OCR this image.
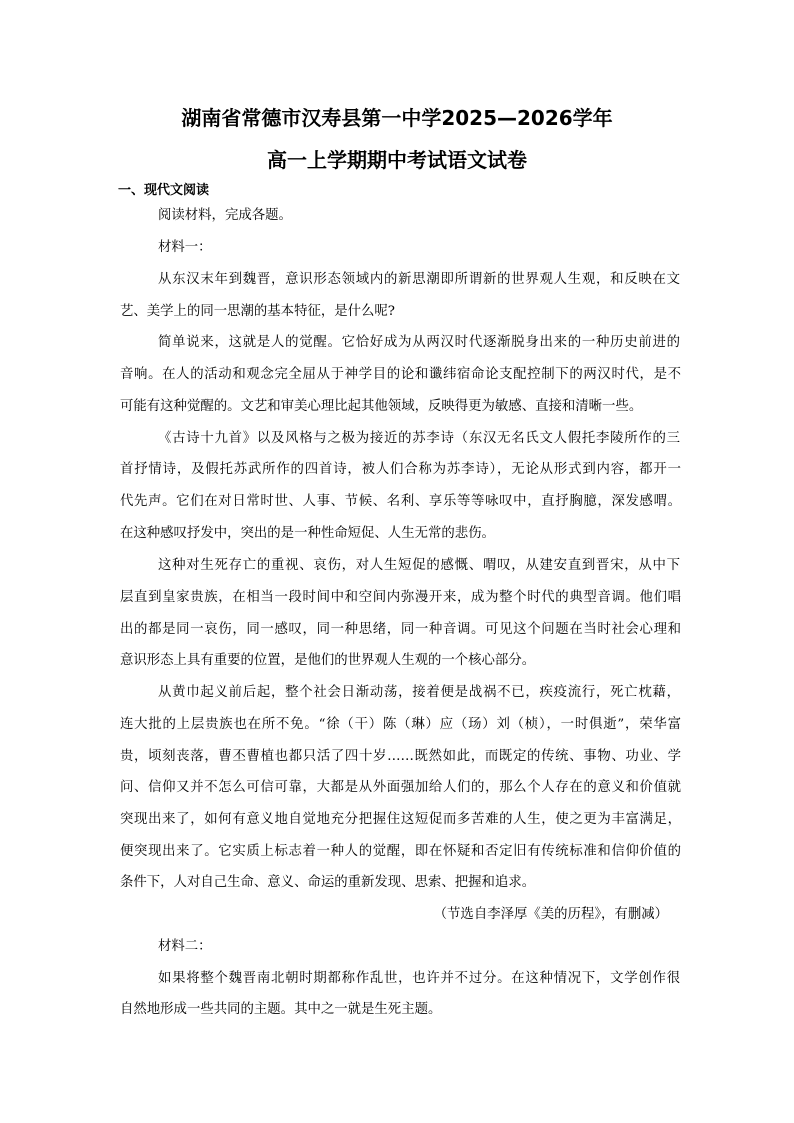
湖南省常德市汉寿县第一中学2025—2026学年
高一上学期期中考试语文试卷
一、现代文阅读
阅读材料，完成各题。
材料一：
从东汉末年到魏晋，意识形态领域内的新思潮即所谓新的世界观人生观，和反映在文
艺、美学上的同一思潮的基本特征，是什么呢?
简单说来，这就是人的觉醒。它恰好成为从两汉时代逐渐脱身出来的一种历史前进的
音响。在人的活动和观念完全屈从于神学目的论和谶纬宿命论支配控制下的两汉时代，是不
可能有这种觉醒的。文艺和审美心理比起其他领域，反映得更为敏感、直接和清晰一些。
《古诗十九首》以及风格与之极为接近的苏李诗（东汉无名氏文人假托李陵所作的三
首抒情诗，及假托苏武所作的四首诗，被人们合称为苏李诗），无论从形式到内容，都开一
代先声。它们在对日常时世、人事、节候、名利、享乐等等咏叹中，直抒胸臆，深发感喟。
在这种感叹抒发中，突出的是一种性命短促、人生无常的悲伤。
这种对生死存亡的重视、哀伤，对人生短促的感慨、喟叹，从建安直到晋宋，从中下
层直到皇家贵族，在相当一段时间中和空间内弥漫开来，成为整个时代的典型音调。他们唱
出的都是同一哀伤，同一感叹，同一种思绪，同一种音调。可见这个问题在当时社会心理和
意识形态上具有重要的位置，是他们的世界观人生观的一个核心部分。
从黄巾起义前后起，整个社会日渐动荡，接着便是战祸不已，疾疫流行，死亡枕藉，
连大批的上层贵族也在所不免。“徐（干）陈（琳）应（玚）刘（桢），一时俱逝”，荣华富
贵，顷刻丧落，曹丕曹植也都只活了四十岁……既然如此，而既定的传统、事物、功业、学
问、信仰又并不怎么可信可靠，大都是从外面强加给人们的，那么个人存在的意义和价值就
突现出来了，如何有意义地自觉地充分把握住这短促而多苦难的人生，使之更为丰富满足，
便突现出来了。它实质上标志着一种人的觉醒，即在怀疑和否定旧有传统标准和信仰价值的
条件下，人对自己生命、意义、命运的重新发现、思索、把握和追求。
（节选自李泽厚《美的历程》，有删减）
材料二：
如果将整个魏晋南北朝时期都称作乱世，也许并不过分。在这种情况下，文学创作很
自然地形成一些共同的主题。其中之一就是生死主题。
